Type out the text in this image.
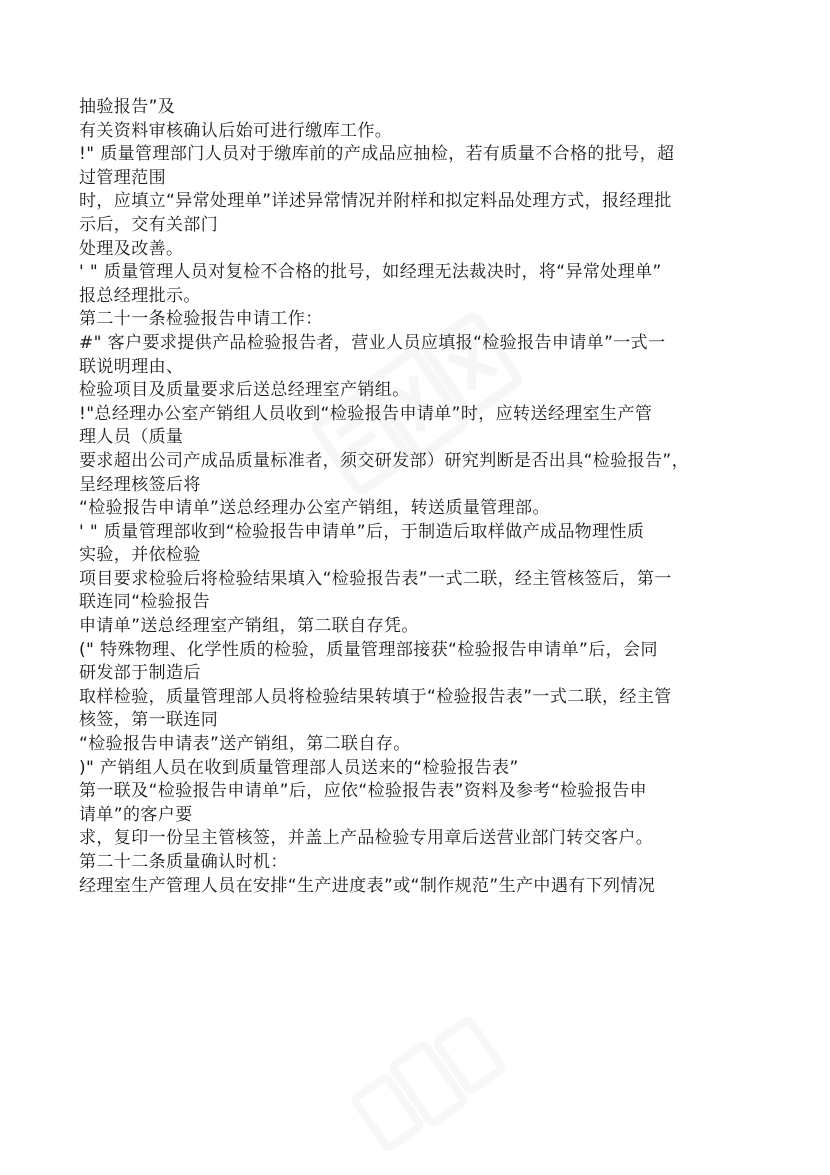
抽验报告”及
有关资料审核确认后始可进行缴库工作。
!" 质量管理部门人员对于缴库前的产成品应抽检，若有质量不合格的批号，超
过管理范围
时，应填立“异常处理单”详述异常情况并附样和拟定料品处理方式，报经理批
示后，交有关部门
处理及改善。
' " 质量管理人员对复检不合格的批号，如经理无法裁决时，将“异常处理单”
报总经理批示。
第二十一条检验报告申请工作：
#" 客户要求提供产品检验报告者，营业人员应填报“检验报告申请单”一式一
联说明理由、
检验项目及质量要求后送总经理室产销组。
!"总经理办公室产销组人员收到“检验报告申请单”时，应转送经理室生产管
理人员（质量
要求超出公司产成品质量标准者，须交研发部）研究判断是否出具“检验报告”，
呈经理核签后将
“检验报告申请单”送总经理办公室产销组，转送质量管理部。
' " 质量管理部收到“检验报告申请单”后，于制造后取样做产成品物理性质
实验，并依检验
项目要求检验后将检验结果填入“检验报告表”一式二联，经主管核签后，第一
联连同“检验报告
申请单”送总经理室产销组，第二联自存凭。
(" 特殊物理、化学性质的检验，质量管理部接获“检验报告申请单”后，会同
研发部于制造后
取样检验，质量管理部人员将检验结果转填于“检验报告表”一式二联，经主管
核签，第一联连同
“检验报告申请表”送产销组，第二联自存。
)" 产销组人员在收到质量管理部人员送来的“检验报告表”
第一联及“检验报告申请单”后，应依“检验报告表”资料及参考“检验报告申
请单”的客户要
求，复印一份呈主管核签，并盖上产品检验专用章后送营业部门转交客户。
第二十二条质量确认时机：
经理室生产管理人员在安排“生产进度表”或“制作规范”生产中遇有下列情况
